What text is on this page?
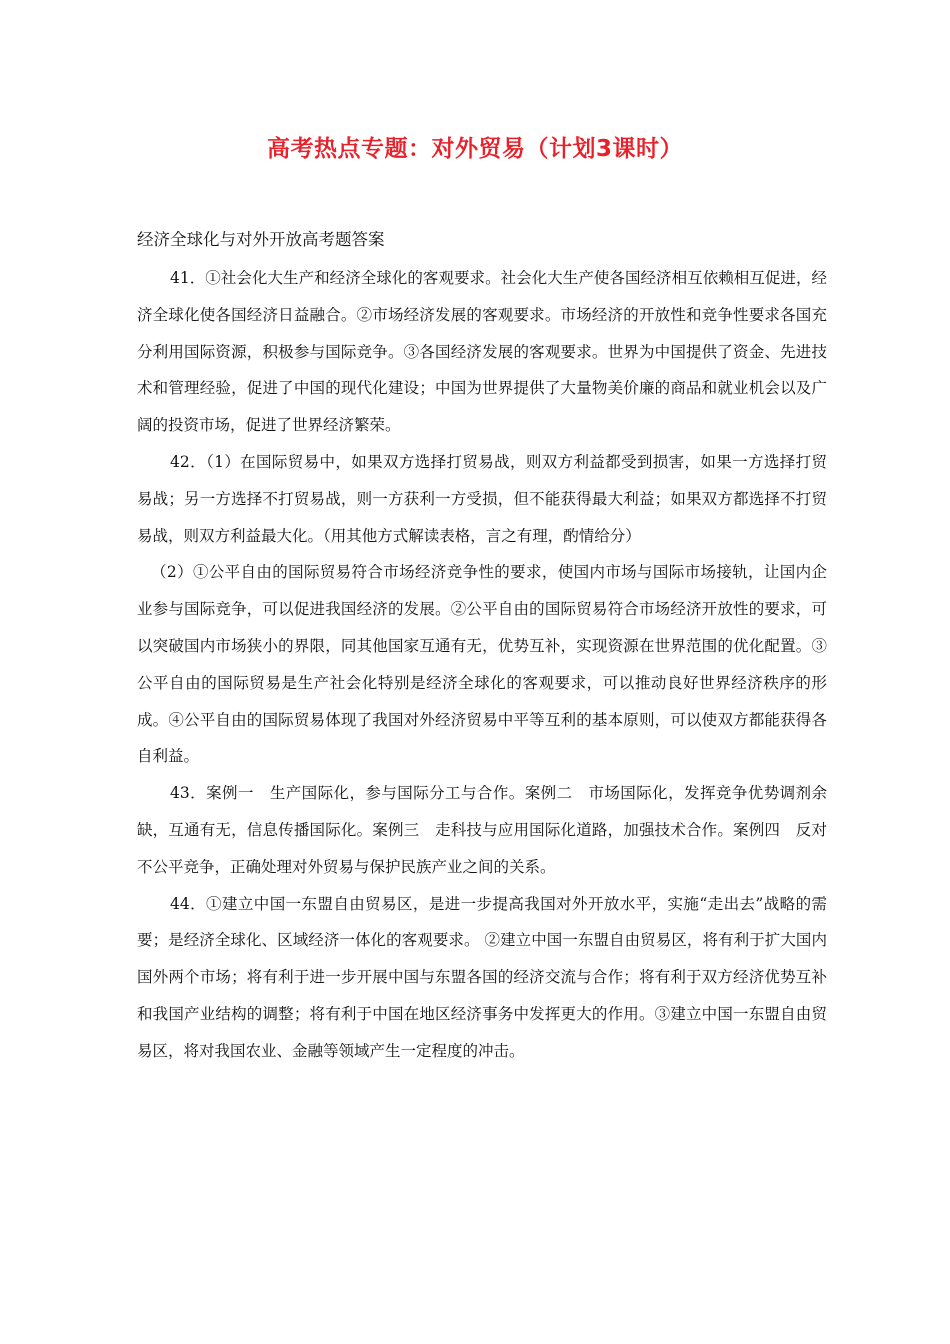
高考热点专题：对外贸易（计划3课时）
经济全球化与对外开放高考题答案

41．①社会化大生产和经济全球化的客观要求。社会化大生产使各国经济相互依赖相互促进，经济全球化使各国经济日益融合。②市场经济发展的客观要求。市场经济的开放性和竞争性要求各国充分利用国际资源，积极参与国际竞争。③各国经济发展的客观要求。世界为中国提供了资金、先进技术和管理经验，促进了中国的现代化建设；中国为世界提供了大量物美价廉的商品和就业机会以及广阔的投资市场，促进了世界经济繁荣。

42．（1）在国际贸易中，如果双方选择打贸易战，则双方利益都受到损害，如果一方选择打贸易战；另一方选择不打贸易战，则一方获利一方受损，但不能获得最大利益；如果双方都选择不打贸易战，则双方利益最大化。（用其他方式解读表格，言之有理，酌情给分）

（2）①公平自由的国际贸易符合市场经济竞争性的要求，使国内市场与国际市场接轨，让国内企业参与国际竞争，可以促进我国经济的发展。②公平自由的国际贸易符合市场经济开放性的要求，可以突破国内市场狭小的界限，同其他国家互通有无，优势互补，实现资源在世界范围的优化配置。③公平自由的国际贸易是生产社会化特别是经济全球化的客观要求，可以推动良好世界经济秩序的形成。④公平自由的国际贸易体现了我国对外经济贸易中平等互利的基本原则，可以使双方都能获得各自利益。

43．案例一　生产国际化，参与国际分工与合作。案例二　市场国际化，发挥竞争优势调剂余缺，互通有无，信息传播国际化。案例三　走科技与应用国际化道路，加强技术合作。案例四　反对不公平竞争，正确处理对外贸易与保护民族产业之间的关系。

44．①建立中国一东盟自由贸易区，是进一步提高我国对外开放水平，实施“走出去”战略的需要；是经济全球化、区域经济一体化的客观要求。 ②建立中国一东盟自由贸易区，将有利于扩大国内国外两个市场；将有利于进一步开展中国与东盟各国的经济交流与合作；将有利于双方经济优势互补和我国产业结构的调整；将有利于中国在地区经济事务中发挥更大的作用。③建立中国一东盟自由贸易区，将对我国农业、金融等领域产生一定程度的冲击。
